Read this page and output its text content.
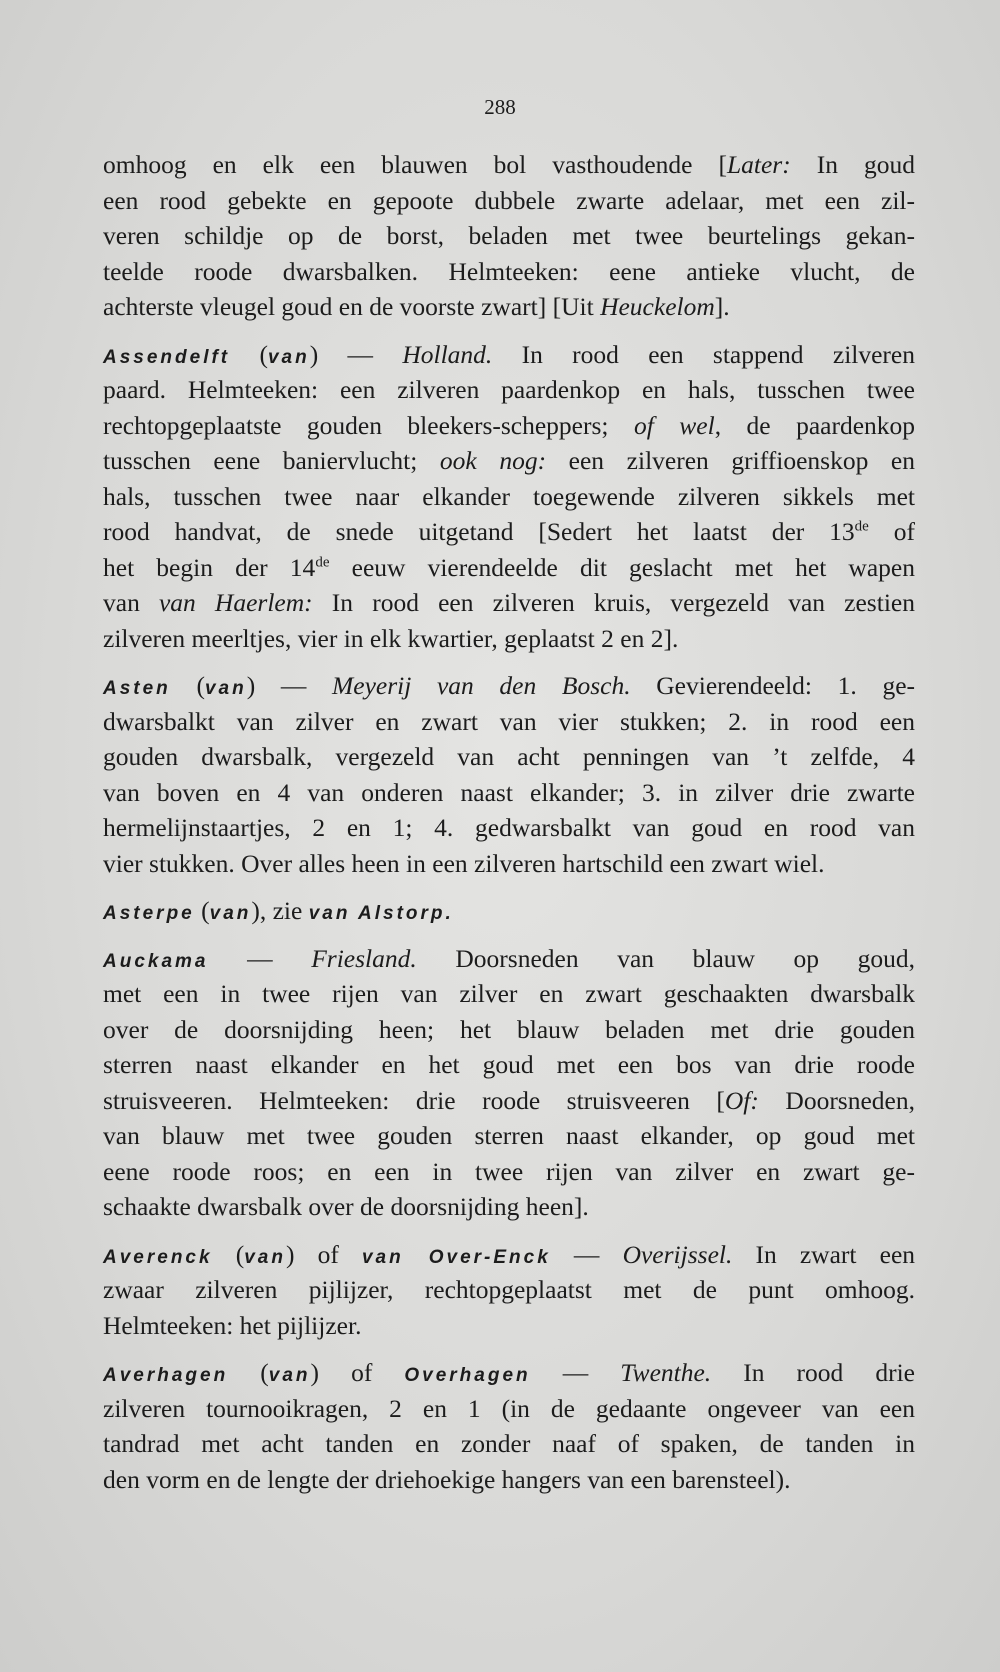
288
omhoog en elk een blauwen bol vasthoudende [Later: In goud
een rood gebekte en gepoote dubbele zwarte adelaar, met een zil-
veren schildje op de borst, beladen met twee beurtelings gekan-
teelde roode dwarsbalken. Helmteeken: eene antieke vlucht, de
achterste vleugel goud en de voorste zwart] [Uit Heuckelom].
Assendelft (van) — Holland. In rood een stappend zilveren
paard. Helmteeken: een zilveren paardenkop en hals, tusschen twee
rechtopgeplaatste gouden bleekers-scheppers; of wel, de paardenkop
tusschen eene baniervlucht; ook nog: een zilveren griffioenskop en
hals, tusschen twee naar elkander toegewende zilveren sikkels met
rood handvat, de snede uitgetand [Sedert het laatst der 13de of
het begin der 14de eeuw vierendeelde dit geslacht met het wapen
van van Haerlem: In rood een zilveren kruis, vergezeld van zestien
zilveren meerltjes, vier in elk kwartier, geplaatst 2 en 2].
Asten (van) — Meyerij van den Bosch. Gevierendeeld: 1. ge-
dwarsbalkt van zilver en zwart van vier stukken; 2. in rood een
gouden dwarsbalk, vergezeld van acht penningen van ’t zelfde, 4
van boven en 4 van onderen naast elkander; 3. in zilver drie zwarte
hermelijnstaartjes, 2 en 1; 4. gedwarsbalkt van goud en rood van
vier stukken. Over alles heen in een zilveren hartschild een zwart wiel.
Asterpe (van), zie van Alstorp.
Auckama — Friesland. Doorsneden van blauw op goud,
met een in twee rijen van zilver en zwart geschaakten dwarsbalk
over de doorsnijding heen; het blauw beladen met drie gouden
sterren naast elkander en het goud met een bos van drie roode
struisveeren. Helmteeken: drie roode struisveeren [Of: Doorsneden,
van blauw met twee gouden sterren naast elkander, op goud met
eene roode roos; en een in twee rijen van zilver en zwart ge-
schaakte dwarsbalk over de doorsnijding heen].
Averenck (van) of van Over-Enck — Overijssel. In zwart een
zwaar zilveren pijlijzer, rechtopgeplaatst met de punt omhoog.
Helmteeken: het pijlijzer.
Averhagen (van) of Overhagen — Twenthe. In rood drie
zilveren tournooikragen, 2 en 1 (in de gedaante ongeveer van een
tandrad met acht tanden en zonder naaf of spaken, de tanden in
den vorm en de lengte der driehoekige hangers van een barensteel).
